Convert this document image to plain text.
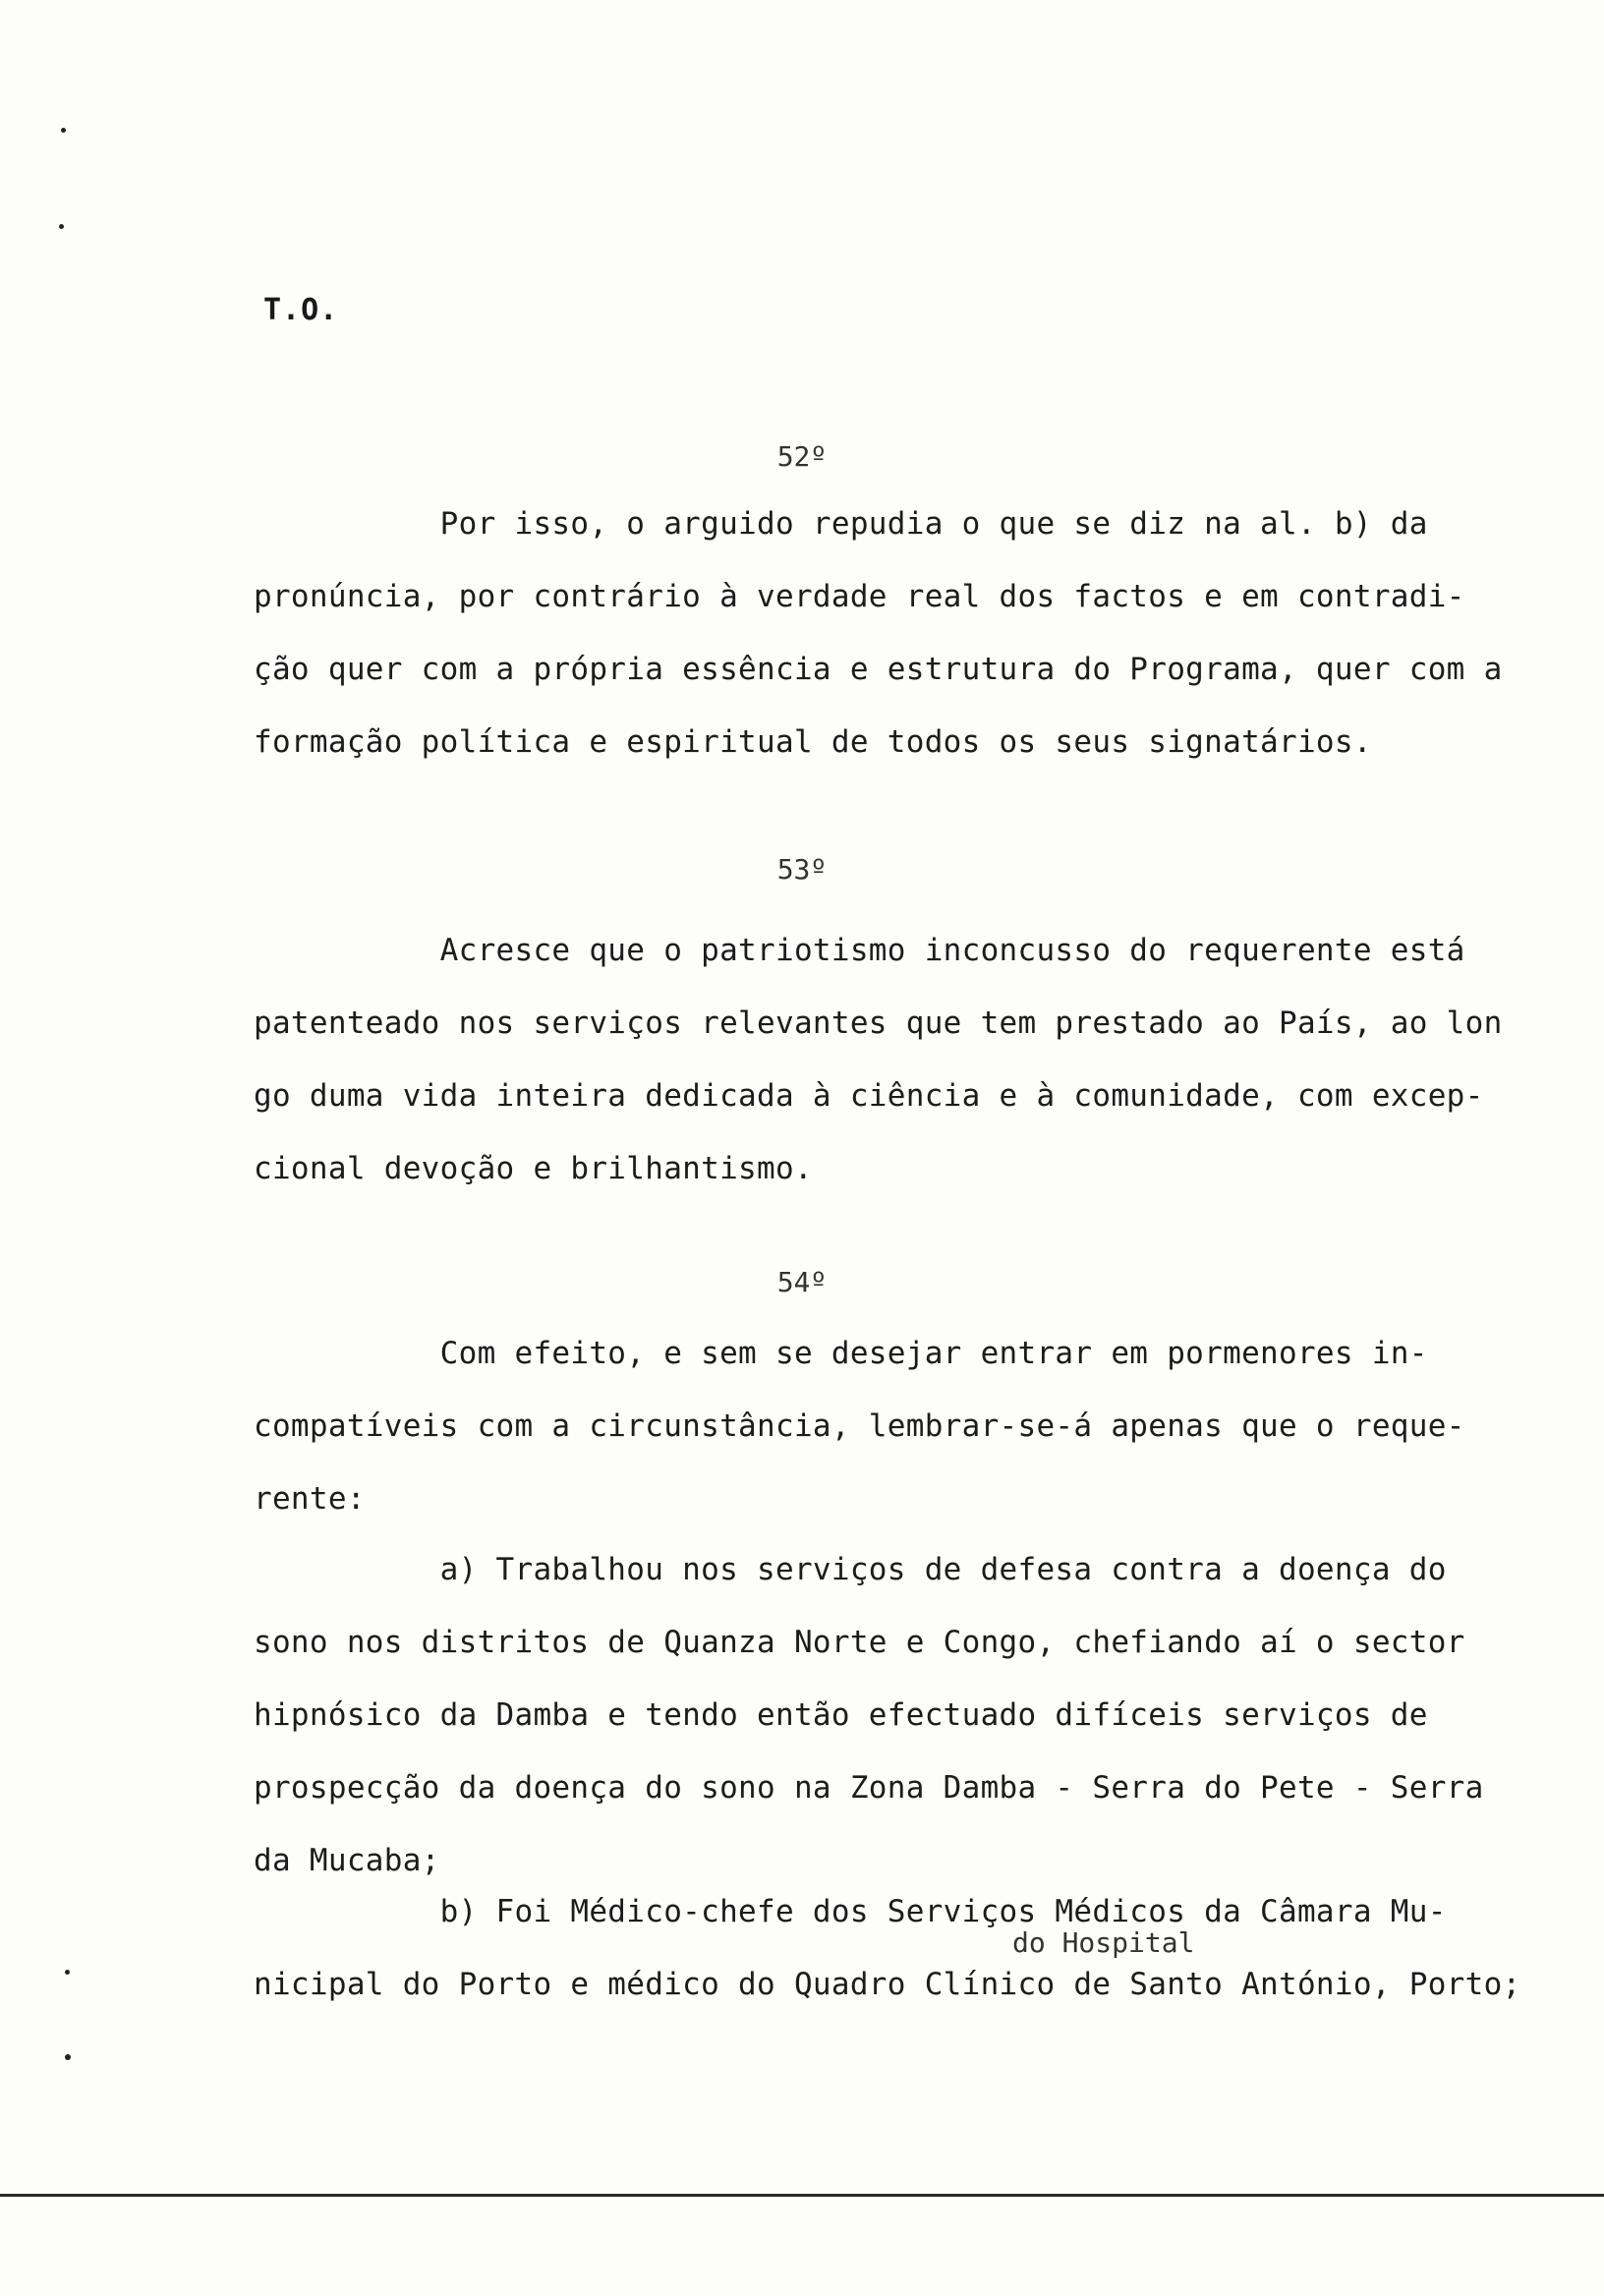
T.O.
52º
Por isso, o arguido repudia o que se diz na al. b) da
pronúncia, por contrário à verdade real dos factos e em contradi-
ção quer com a própria essência e estrutura do Programa, quer com a
formação política e espiritual de todos os seus signatários.
53º
Acresce que o patriotismo inconcusso do requerente está
patenteado nos serviços relevantes que tem prestado ao País, ao lon
go duma vida inteira dedicada à ciência e à comunidade, com excep-
cional devoção e brilhantismo.
54º
Com efeito, e sem se desejar entrar em pormenores in-
compatíveis com a circunstância, lembrar-se-á apenas que o reque-
rente:
a) Trabalhou nos serviços de defesa contra a doença do
sono nos distritos de Quanza Norte e Congo, chefiando aí o sector
hipnósico da Damba e tendo então efectuado difíceis serviços de
prospecção da doença do sono na Zona Damba - Serra do Pete - Serra
da Mucaba;
b) Foi Médico-chefe dos Serviços Médicos da Câmara Mu-
nicipal do Porto e médico do Quadro Clínico de Santo António, Porto;
do Hospital
